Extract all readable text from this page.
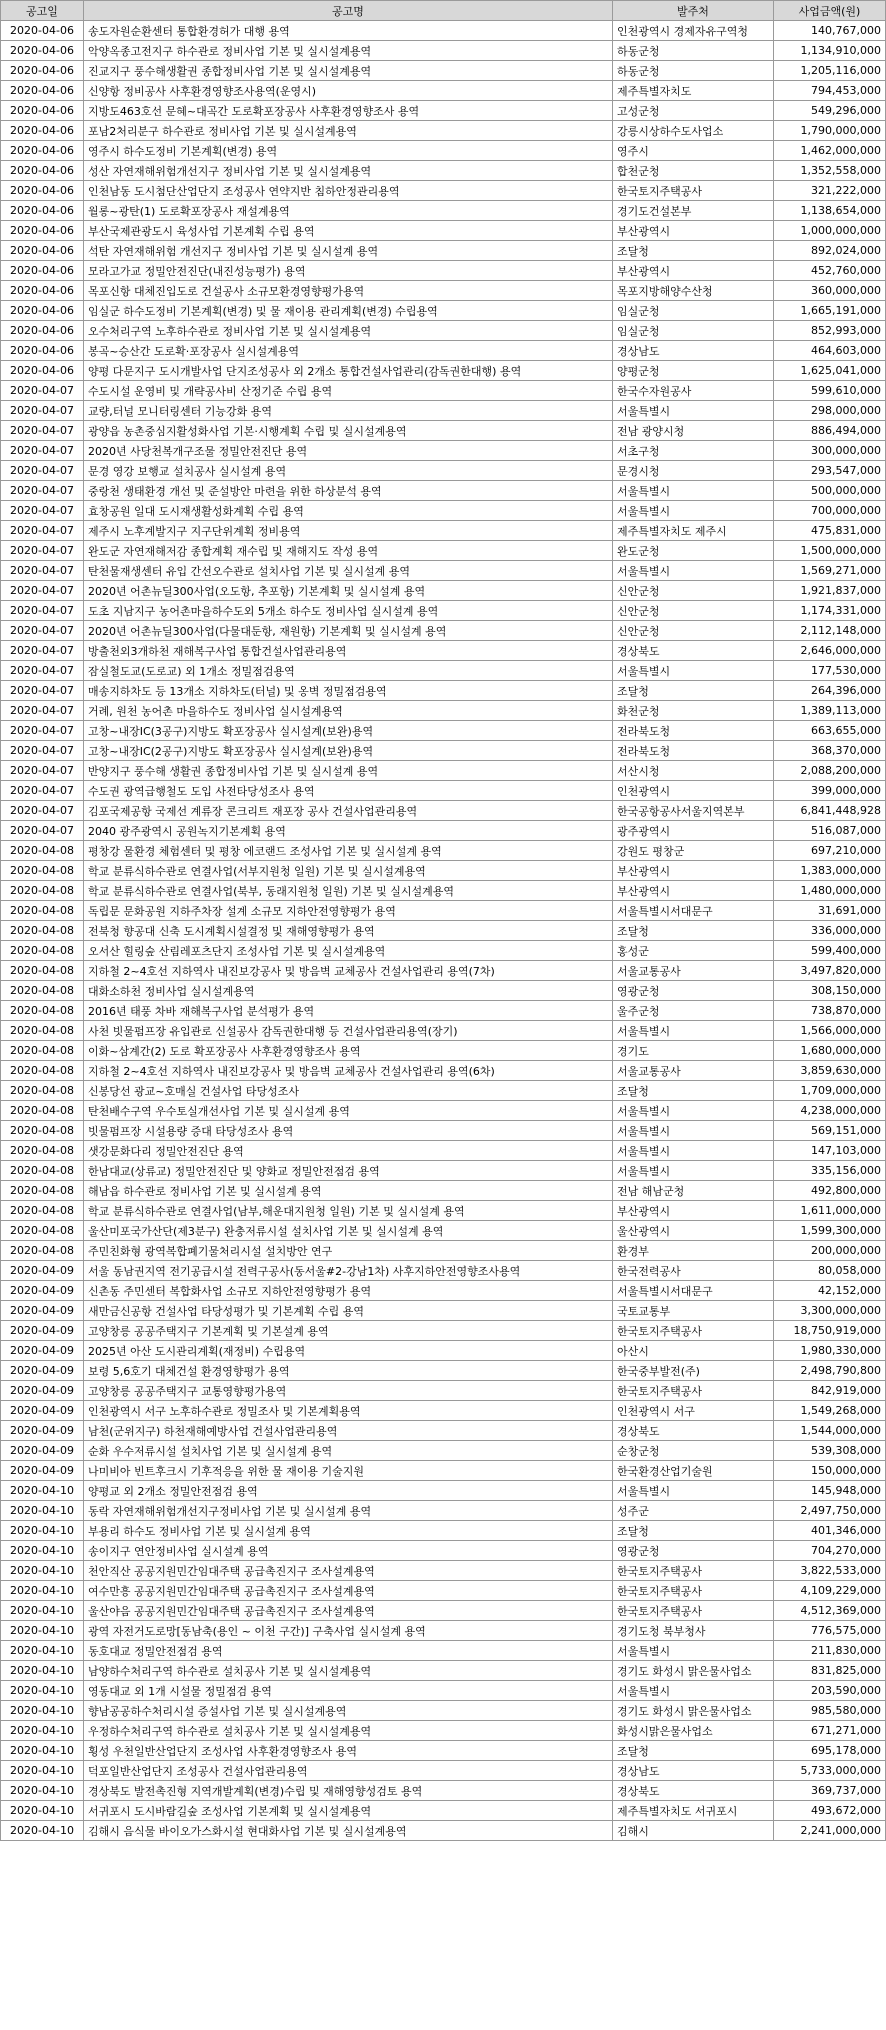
공고일	공고명	발주처	사업금액(원)
2020-04-06	송도자원순환센터 통합환경허가 대행 용역	인천광역시 경제자유구역청	140,767,000
2020-04-06	악양옥종고전지구 하수관로 정비사업 기본 및 실시설계용역	하동군청	1,134,910,000
2020-04-06	진교지구 풍수해생활권 종합정비사업 기본 및 실시설계용역	하동군청	1,205,116,000
2020-04-06	신양항 정비공사 사후환경영향조사용역(운영시)	제주특별자치도	794,453,000
2020-04-06	지방도463호선 문혜~대곡간 도로확포장공사 사후환경영향조사 용역	고성군청	549,296,000
2020-04-06	포남2처리분구 하수관로 정비사업 기본 및 실시설계용역	강릉시상하수도사업소	1,790,000,000
2020-04-06	영주시 하수도정비 기본계획(변경) 용역	영주시	1,462,000,000
2020-04-06	성산 자연재해위험개선지구 정비사업 기본 및 실시설계용역	합천군청	1,352,558,000
2020-04-06	인천남동 도시첨단산업단지 조성공사 연약지반 침하안정관리용역	한국토지주택공사	321,222,000
2020-04-06	월롱~광탄(1) 도로확포장공사 재설계용역	경기도건설본부	1,138,654,000
2020-04-06	부산국제관광도시 육성사업 기본계획 수립 용역	부산광역시	1,000,000,000
2020-04-06	석탄 자연재해위험 개선지구 정비사업 기본 및 실시설계 용역	조달청	892,024,000
2020-04-06	모라고가교 정밀안전진단(내진성능평가) 용역	부산광역시	452,760,000
2020-04-06	목포신항 대체진입도로 건설공사 소규모환경영향평가용역	목포지방해양수산청	360,000,000
2020-04-06	임실군 하수도정비 기본계획(변경) 및 물 재이용 관리계획(변경) 수립용역	임실군청	1,665,191,000
2020-04-06	오수처리구역 노후하수관로 정비사업 기본 및 실시설계용역	임실군청	852,993,000
2020-04-06	봉곡~승산간 도로확·포장공사 실시설계용역	경상남도	464,603,000
2020-04-06	양평 다문지구 도시개발사업 단지조성공사 외 2개소 통합건설사업관리(감독권한대행) 용역	양평군청	1,625,041,000
2020-04-07	수도시설 운영비 및 개략공사비 산정기준 수립 용역	한국수자원공사	599,610,000
2020-04-07	교량,터널 모니터링센터 기능강화 용역	서울특별시	298,000,000
2020-04-07	광양읍 농촌중심지활성화사업 기본·시행계획 수립 및 실시설계용역	전남 광양시청	886,494,000
2020-04-07	2020년 사당천복개구조물 정밀안전진단 용역	서초구청	300,000,000
2020-04-07	문경 영강 보행교 설치공사 실시설계 용역	문경시청	293,547,000
2020-04-07	중랑천 생태환경 개선 및 준설방안 마련을 위한 하상분석 용역	서울특별시	500,000,000
2020-04-07	효창공원 일대 도시재생활성화계획 수립 용역	서울특별시	700,000,000
2020-04-07	제주시 노후계발지구 지구단위계획 정비용역	제주특별자치도 제주시	475,831,000
2020-04-07	완도군 자연재해저감 종합계획 재수립 및 재해지도 작성 용역	완도군청	1,500,000,000
2020-04-07	탄천물재생센터 유입 간선오수관로 설치사업 기본 및 실시설계 용역	서울특별시	1,569,271,000
2020-04-07	2020년 어촌뉴딜300사업(오도항, 추포항) 기본계획 및 실시설계 용역	신안군청	1,921,837,000
2020-04-07	도초 지남지구 농어촌마을하수도외 5개소 하수도 정비사업 실시설계 용역	신안군청	1,174,331,000
2020-04-07	2020년 어촌뉴딜300사업(다물대둔항, 재원항) 기본계획 및 실시설계 용역	신안군청	2,112,148,000
2020-04-07	방출천외3개하천 재해복구사업 통합건설사업관리용역	경상북도	2,646,000,000
2020-04-07	잠실철도교(도로교) 외 1개소 정밀점검용역	서울특별시	177,530,000
2020-04-07	매송지하차도 등 13개소 지하차도(터널) 및 옹벽 정밀점검용역	조달청	264,396,000
2020-04-07	거례, 원천 농어촌 마을하수도 정비사업 실시설계용역	화천군청	1,389,113,000
2020-04-07	고창~내장IC(3공구)지방도 확포장공사 실시설계(보완)용역	전라북도청	663,655,000
2020-04-07	고창~내장IC(2공구)지방도 확포장공사 실시설계(보완)용역	전라북도청	368,370,000
2020-04-07	반양지구 풍수해 생활권 종합정비사업 기본 및 실시설계 용역	서산시청	2,088,200,000
2020-04-07	수도권 광역급행철도 도입 사전타당성조사 용역	인천광역시	399,000,000
2020-04-07	김포국제공항 국제선 계류장 콘크리트 재포장 공사 건설사업관리용역	한국공항공사서울지역본부	6,841,448,928
2020-04-07	2040 광주광역시 공원녹지기본계획 용역	광주광역시	516,087,000
2020-04-08	평창강 물환경 체험센터 및 평창 에코랜드 조성사업 기본 및 실시설계 용역	강원도 평창군	697,210,000
2020-04-08	학교 분류식하수관로 연결사업(서부지원청 일원) 기본 및 실시설계용역	부산광역시	1,383,000,000
2020-04-08	학교 분류식하수관로 연결사업(북부, 동래지원청 일원) 기본 및 실시설계용역	부산광역시	1,480,000,000
2020-04-08	독립문 문화공원 지하주차장 설계 소규모 지하안전영향평가 용역	서울특별시서대문구	31,691,000
2020-04-08	전북청 향공대 신축 도시계획시설결정 및 재해영향평가 용역	조달청	336,000,000
2020-04-08	오서산 힐링숲 산림레포츠단지 조성사업 기본 및 실시설계용역	홍성군	599,400,000
2020-04-08	지하철 2~4호선 지하역사 내진보강공사 및 방음벽 교체공사 건설사업관리 용역(7차)	서울교통공사	3,497,820,000
2020-04-08	대화소하천 정비사업 실시설계용역	영광군청	308,150,000
2020-04-08	2016년 태풍 차바 재해복구사업 분석평가 용역	울주군청	738,870,000
2020-04-08	사천 빗물펌프장 유입관로 신설공사 감독권한대행 등 건설사업관리용역(장기)	서울특별시	1,566,000,000
2020-04-08	이화~삼계간(2) 도로 확포장공사 사후환경영향조사 용역	경기도	1,680,000,000
2020-04-08	지하철 2~4호선 지하역사 내진보강공사 및 방음벽 교체공사 건설사업관리 용역(6차)	서울교통공사	3,859,630,000
2020-04-08	신봉당선 광교~호매실 건설사업 타당성조사	조달청	1,709,000,000
2020-04-08	탄천배수구역 우수토실개선사업 기본 및 실시설계 용역	서울특별시	4,238,000,000
2020-04-08	빗물펌프장 시설용량 증대 타당성조사 용역	서울특별시	569,151,000
2020-04-08	샛강문화다리 정밀안전진단 용역	서울특별시	147,103,000
2020-04-08	한남대교(상류교) 정밀안전진단 및 양화교 정밀안전점검 용역	서울특별시	335,156,000
2020-04-08	해남읍 하수관로 정비사업 기본 및 실시설계 용역	전남 해남군청	492,800,000
2020-04-08	학교 분류식하수관로 연결사업(남부,해운대지원청 일원) 기본 및 실시설계 용역	부산광역시	1,611,000,000
2020-04-08	울산미포국가산단(제3분구) 완충저류시설 설치사업 기본 및 실시설계 용역	울산광역시	1,599,300,000
2020-04-08	주민친화형 광역복합폐기물처리시설 설치방안 연구	환경부	200,000,000
2020-04-09	서울 동남권지역 전기공급시설 전력구공사(동서울#2-강남1차) 사후지하안전영향조사용역	한국전력공사	80,058,000
2020-04-09	신촌동 주민센터 복합화사업 소규모 지하안전영향평가 용역	서울특별시서대문구	42,152,000
2020-04-09	새만금신공항 건설사업 타당성평가 및 기본계획 수립 용역	국토교통부	3,300,000,000
2020-04-09	고양창릉 공공주택지구 기본계획 및 기본설계 용역	한국토지주택공사	18,750,919,000
2020-04-09	2025년 아산 도시관리계획(재정비) 수립용역	아산시	1,980,330,000
2020-04-09	보령 5,6호기 대체건설 환경영향평가 용역	한국중부발전(주)	2,498,790,800
2020-04-09	고양창릉 공공주택지구 교통영향평가용역	한국토지주택공사	842,919,000
2020-04-09	인천광역시 서구 노후하수관로 정밀조사 및 기본계획용역	인천광역시 서구	1,549,268,000
2020-04-09	남천(군위지구) 하천재해예방사업 건설사업관리용역	경상북도	1,544,000,000
2020-04-09	순화 우수저류시설 설치사업 기본 및 실시설계 용역	순창군청	539,308,000
2020-04-09	나미비아 빈트후크시 기후적응을 위한 물 재이용 기술지원	한국환경산업기술원	150,000,000
2020-04-10	양평교 외 2개소 정밀안전점검 용역	서울특별시	145,948,000
2020-04-10	동락 자연재해위험개선지구정비사업 기본 및 실시설계 용역	성주군	2,497,750,000
2020-04-10	부용리 하수도 정비사업 기본 및 실시설계 용역	조달청	401,346,000
2020-04-10	송이지구 연안정비사업 실시설계 용역	영광군청	704,270,000
2020-04-10	천안직산 공공지원민간임대주택 공급촉진지구 조사설계용역	한국토지주택공사	3,822,533,000
2020-04-10	여수만흥 공공지원민간임대주택 공급촉진지구 조사설계용역	한국토지주택공사	4,109,229,000
2020-04-10	울산야음 공공지원민간임대주택 공급촉진지구 조사설계용역	한국토지주택공사	4,512,369,000
2020-04-10	광역 자전거도로망[동남축(용인 ~ 이천 구간)] 구축사업 실시설계 용역	경기도청 북부청사	776,575,000
2020-04-10	동호대교 정밀안전점검 용역	서울특별시	211,830,000
2020-04-10	남양하수처리구역 하수관로 설치공사 기본 및 실시설계용역	경기도 화성시 맑은물사업소	831,825,000
2020-04-10	영동대교 외 1개 시설물 정밀점검 용역	서울특별시	203,590,000
2020-04-10	향남공공하수처리시설 증설사업 기본 및 실시설계용역	경기도 화성시 맑은물사업소	985,580,000
2020-04-10	우정하수처리구역 하수관로 설치공사 기본 및 실시설계용역	화성시맑은물사업소	671,271,000
2020-04-10	횡성 우천일반산업단지 조성사업 사후환경영향조사 용역	조달청	695,178,000
2020-04-10	덕포일반산업단지 조성공사 건설사업관리용역	경상남도	5,733,000,000
2020-04-10	경상북도 발전촉진형 지역개발계획(변경)수립 및 재해영향성검토 용역	경상북도	369,737,000
2020-04-10	서귀포시 도시바람길숲 조성사업 기본계획 및 실시설계용역	제주특별자치도 서귀포시	493,672,000
2020-04-10	김해시 음식물 바이오가스화시설 현대화사업 기본 및 실시설계용역	김해시	2,241,000,000
